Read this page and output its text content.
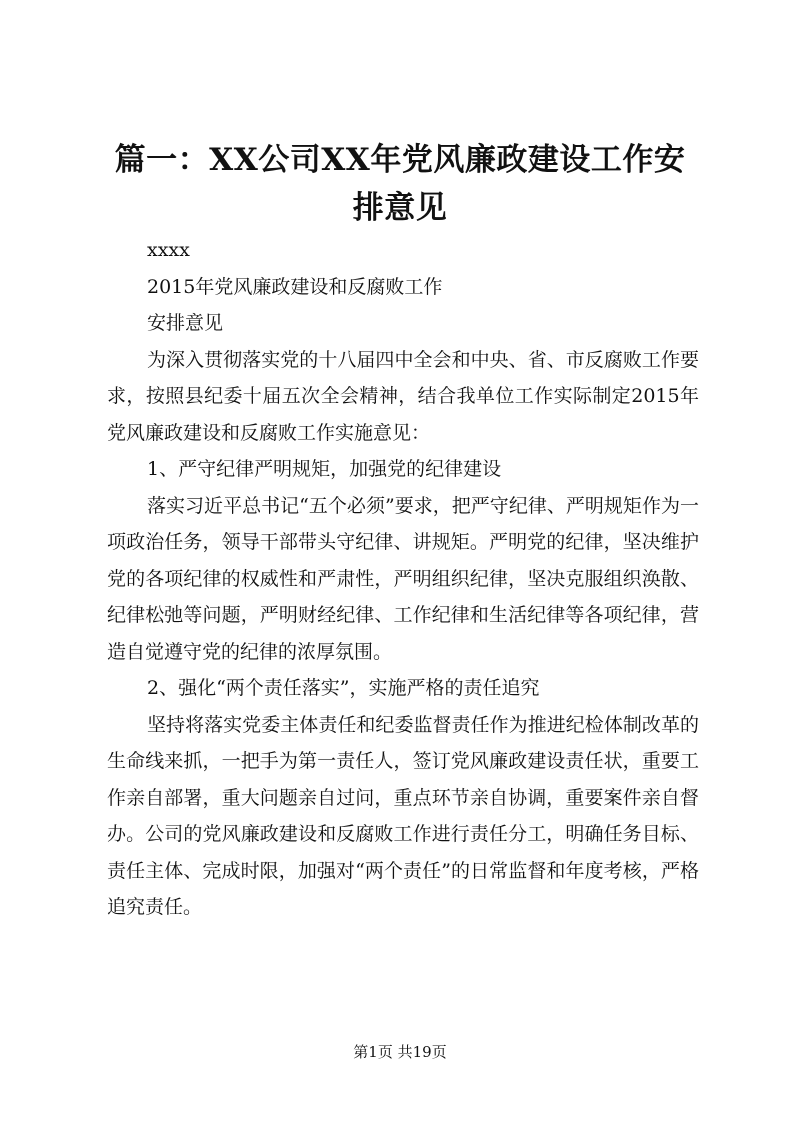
篇一：XX公司XX年党风廉政建设工作安排意见

xxxx

2015年党风廉政建设和反腐败工作

安排意见

为深入贯彻落实党的十八届四中全会和中央、省、市反腐败工作要求，按照县纪委十届五次全会精神，结合我单位工作实际制定2015年党风廉政建设和反腐败工作实施意见：

1、严守纪律严明规矩，加强党的纪律建设

落实习近平总书记“五个必须”要求，把严守纪律、严明规矩作为一项政治任务，领导干部带头守纪律、讲规矩。严明党的纪律，坚决维护党的各项纪律的权威性和严肃性，严明组织纪律，坚决克服组织涣散、纪律松弛等问题，严明财经纪律、工作纪律和生活纪律等各项纪律，营造自觉遵守党的纪律的浓厚氛围。

2、强化“两个责任落实”，实施严格的责任追究

坚持将落实党委主体责任和纪委监督责任作为推进纪检体制改革的生命线来抓，一把手为第一责任人，签订党风廉政建设责任状，重要工作亲自部署，重大问题亲自过问，重点环节亲自协调，重要案件亲自督办。公司的党风廉政建设和反腐败工作进行责任分工，明确任务目标、责任主体、完成时限，加强对“两个责任”的日常监督和年度考核，严格追究责任。

第1页 共19页
